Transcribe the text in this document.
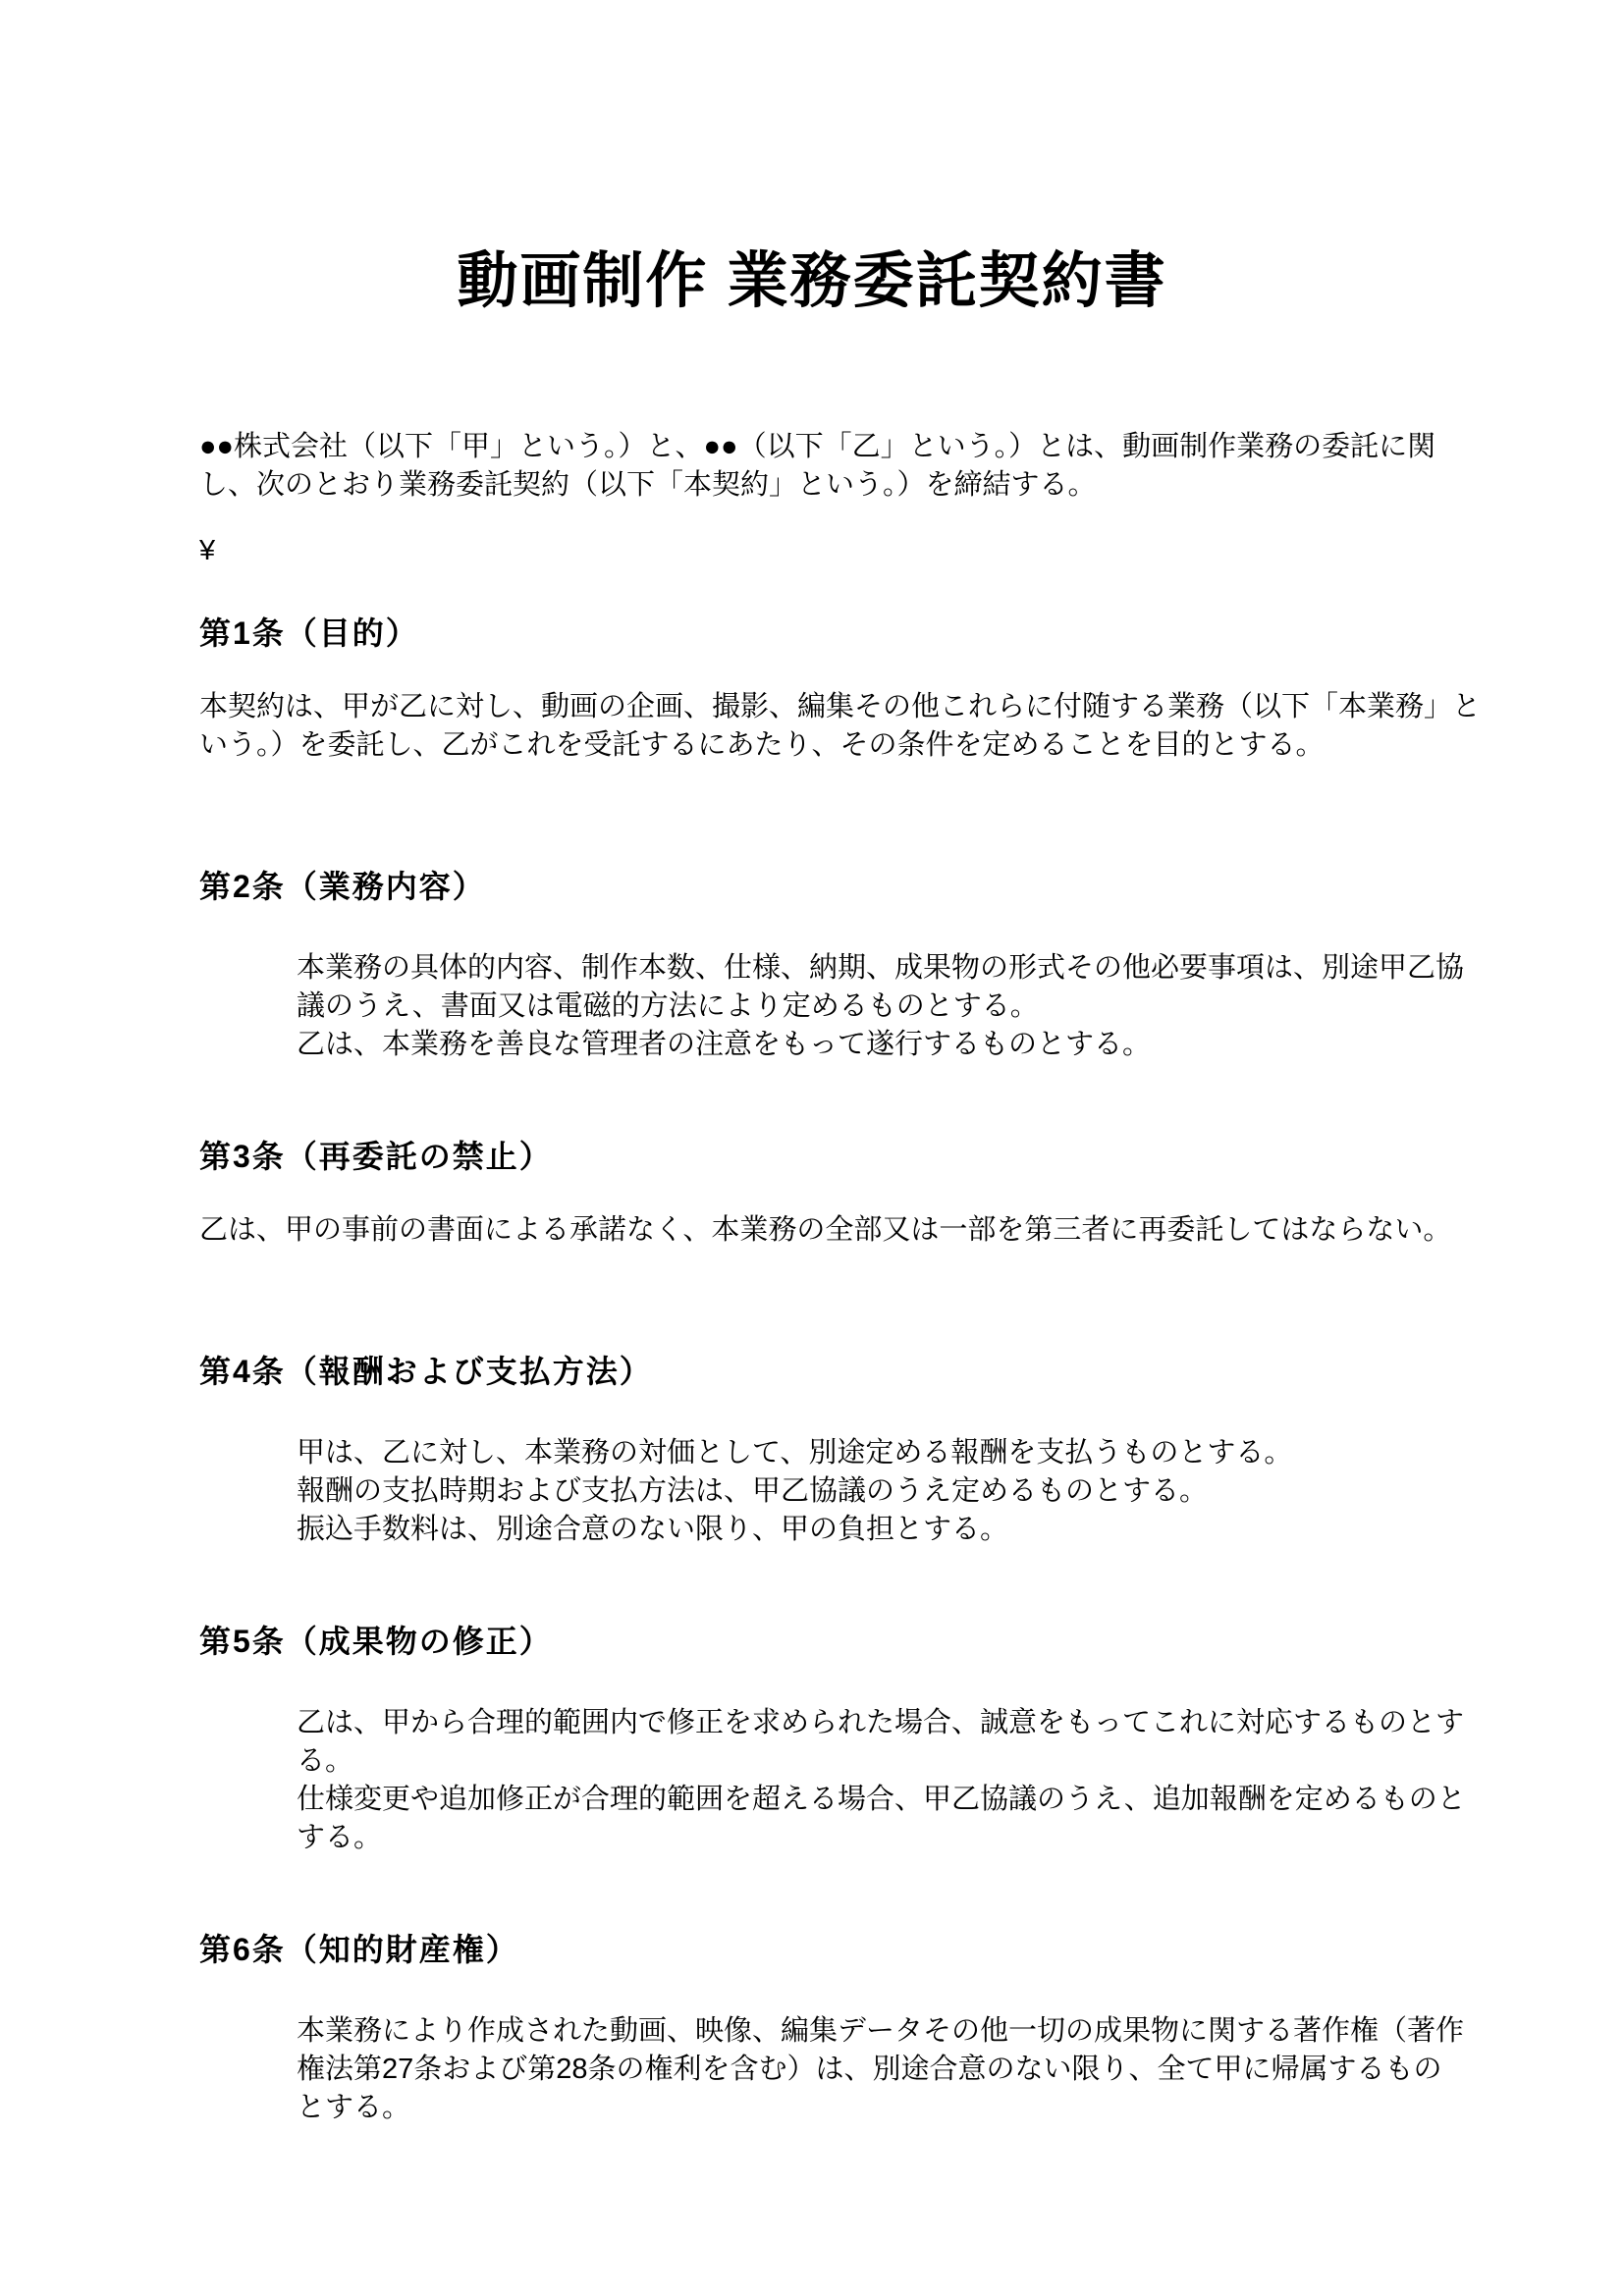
動画制作 業務委託契約書

●●株式会社（以下「甲」という。）と、●●（以下「乙」という。）とは、動画制作業務の委託に関
し、次のとおり業務委託契約（以下「本契約」という。）を締結する。

¥

第1条（目的）
本契約は、甲が乙に対し、動画の企画、撮影、編集その他これらに付随する業務（以下「本業務」と
いう。）を委託し、乙がこれを受託するにあたり、その条件を定めることを目的とする。
第2条（業務内容）
本業務の具体的内容、制作本数、仕様、納期、成果物の形式その他必要事項は、別途甲乙協
議のうえ、書面又は電磁的方法により定めるものとする。
乙は、本業務を善良な管理者の注意をもって遂行するものとする。
第3条（再委託の禁止）
乙は、甲の事前の書面による承諾なく、本業務の全部又は一部を第三者に再委託してはならない。
第4条（報酬および支払方法）
甲は、乙に対し、本業務の対価として、別途定める報酬を支払うものとする。
報酬の支払時期および支払方法は、甲乙協議のうえ定めるものとする。
振込手数料は、別途合意のない限り、甲の負担とする。
第5条（成果物の修正）
乙は、甲から合理的範囲内で修正を求められた場合、誠意をもってこれに対応するものとす
る。
仕様変更や追加修正が合理的範囲を超える場合、甲乙協議のうえ、追加報酬を定めるものと
する。
第6条（知的財産権）
本業務により作成された動画、映像、編集データその他一切の成果物に関する著作権（著作
権法第27条および第28条の権利を含む）は、別途合意のない限り、全て甲に帰属するもの
とする。
